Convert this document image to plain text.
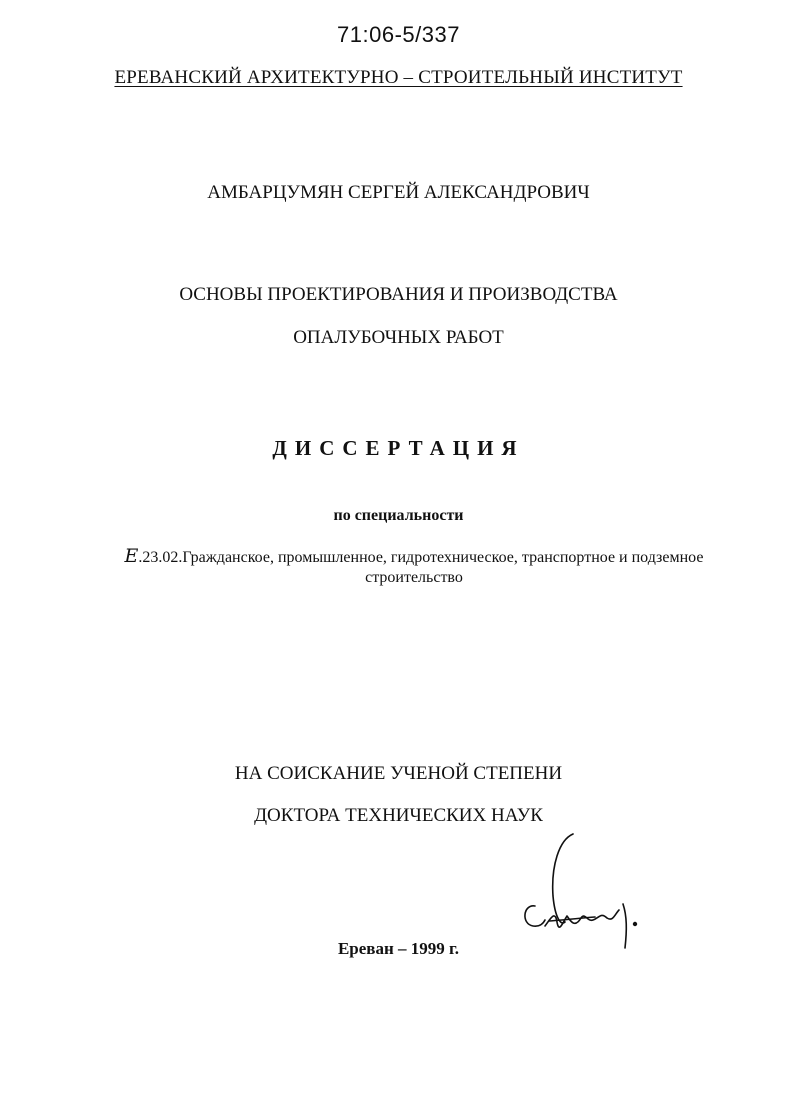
71:06-5/337
ЕРЕВАНСКИЙ АРХИТЕКТУРНО – СТРОИТЕЛЬНЫЙ ИНСТИТУТ
АМБАРЦУМЯН СЕРГЕЙ АЛЕКСАНДРОВИЧ
ОСНОВЫ ПРОЕКТИРОВАНИЯ И ПРОИЗВОДСТВА
ОПАЛУБОЧНЫХ РАБОТ
ДИССЕРТАЦИЯ
по специальности
Е.23.02.Гражданское, промышленное, гидротехническое, транспортное и подземное
строительство
НА СОИСКАНИЕ УЧЕНОЙ СТЕПЕНИ
ДОКТОРА ТЕХНИЧЕСКИХ НАУК
Ереван – 1999 г.
